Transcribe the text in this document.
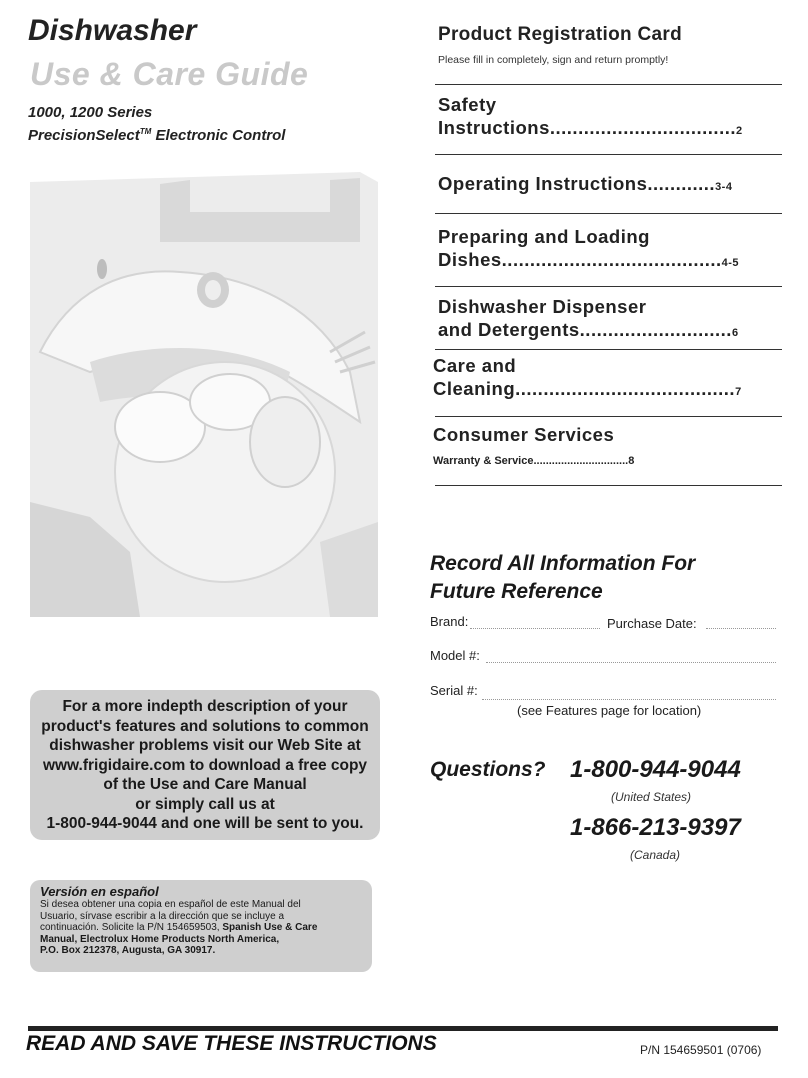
Dishwasher
Use & Care Guide
1000, 1200 Series
PrecisionSelect™ Electronic Control
For a more indepth description of your
product's features and solutions to common
dishwasher problems visit our Web Site at
www.frigidaire.com to download a free copy
of the Use and Care Manual
or simply call us at
1-800-944-9044 and one will be sent to you.
Versión en español
Si desea obtener una copia en español de este Manual del
Usuario, sírvase escribir a la dirección que se incluye a
continuación. Solicite la P/N 154659503, Spanish Use & Care
Manual, Electrolux Home Products North America,
P.O. Box 212378, Augusta, GA 30917.
Product Registration Card
Please fill in completely, sign and return promptly!
Safety
Instructions.................................2
Operating Instructions............3-4
Preparing and Loading
Dishes.......................................4-5
Dishwasher Dispenser
and Detergents...........................6
Care and
Cleaning.......................................7
Consumer Services
Warranty & Service...............................8
Record All Information For
Future Reference
Brand:	Purchase Date:
Model #:
Serial #:
(see Features page for location)
Questions? 1-800-944-9044
(United States)
1-866-213-9397
(Canada)
READ AND SAVE THESE INSTRUCTIONS	P/N 154659501 (0706)
